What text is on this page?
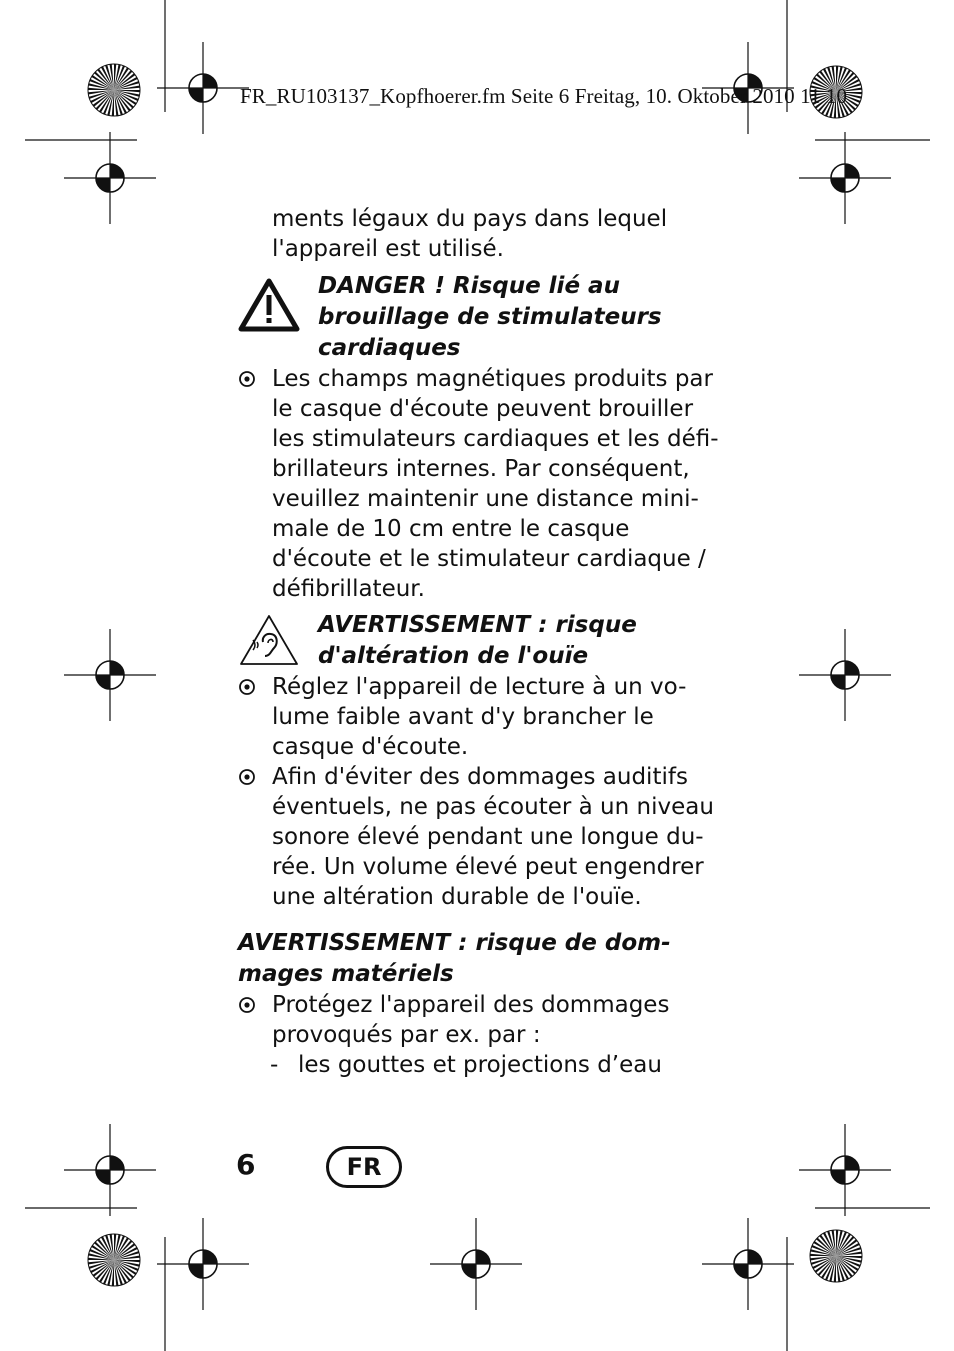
FR_RU103137_Kopfhoerer.fm Seite 6 Freitag, 10. Oktober 2010 11 10
ments légaux du pays dans lequel
l'appareil est utilisé.
DANGER ! Risque lié au
brouillage de stimulateurs
cardiaques
Les champs magnétiques produits par
le casque d'écoute peuvent brouiller
les stimulateurs cardiaques et les défi-
brillateurs internes. Par conséquent,
veuillez maintenir une distance mini-
male de 10 cm entre le casque
d'écoute et le stimulateur cardiaque /
défibrillateur.
AVERTISSEMENT : risque
d'altération de l'ouïe
Réglez l'appareil de lecture à un vo-
lume faible avant d'y brancher le
casque d'écoute.
Afin d'éviter des dommages auditifs
éventuels, ne pas écouter à un niveau
sonore élevé pendant une longue du-
rée. Un volume élevé peut engendrer
une altération durable de l'ouïe.
AVERTISSEMENT : risque de dom-
mages matériels
Protégez l'appareil des dommages
provoqués par ex. par :
- les gouttes et projections d’eau
6	FR
